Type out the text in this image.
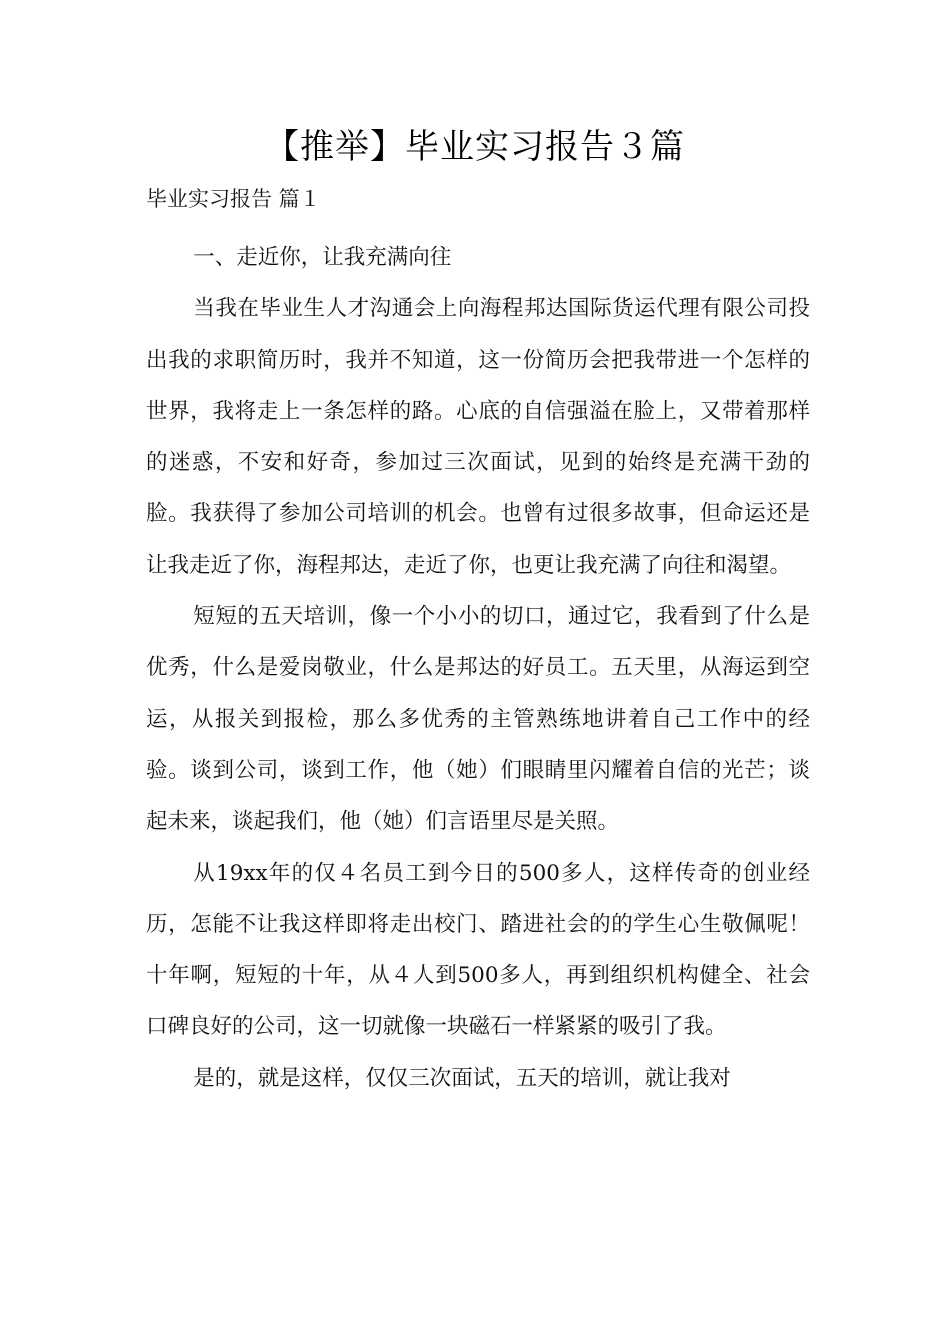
【推举】毕业实习报告３篇
毕业实习报告 篇１

一、走近你，让我充满向往

当我在毕业生人才沟通会上向海程邦达国际货运代理有限公司投出我的求职简历时，我并不知道，这一份简历会把我带进一个怎样的世界，我将走上一条怎样的路。心底的自信强溢在脸上，又带着那样的迷惑，不安和好奇，参加过三次面试，见到的始终是充满干劲的脸。我获得了参加公司培训的机会。也曾有过很多故事，但命运还是让我走近了你，海程邦达，走近了你，也更让我充满了向往和渴望。

短短的五天培训，像一个小小的切口，通过它，我看到了什么是优秀，什么是爱岗敬业，什么是邦达的好员工。五天里，从海运到空运，从报关到报检，那么多优秀的主管熟练地讲着自己工作中的经验。谈到公司，谈到工作，他（她）们眼睛里闪耀着自信的光芒；谈起未来，谈起我们，他（她）们言语里尽是关照。

从19xx年的仅４名员工到今日的500多人，这样传奇的创业经历，怎能不让我这样即将走出校门、踏进社会的的学生心生敬佩呢！十年啊，短短的十年，从４人到500多人，再到组织机构健全、社会口碑良好的公司，这一切就像一块磁石一样紧紧的吸引了我。

是的，就是这样，仅仅三次面试，五天的培训，就让我对
